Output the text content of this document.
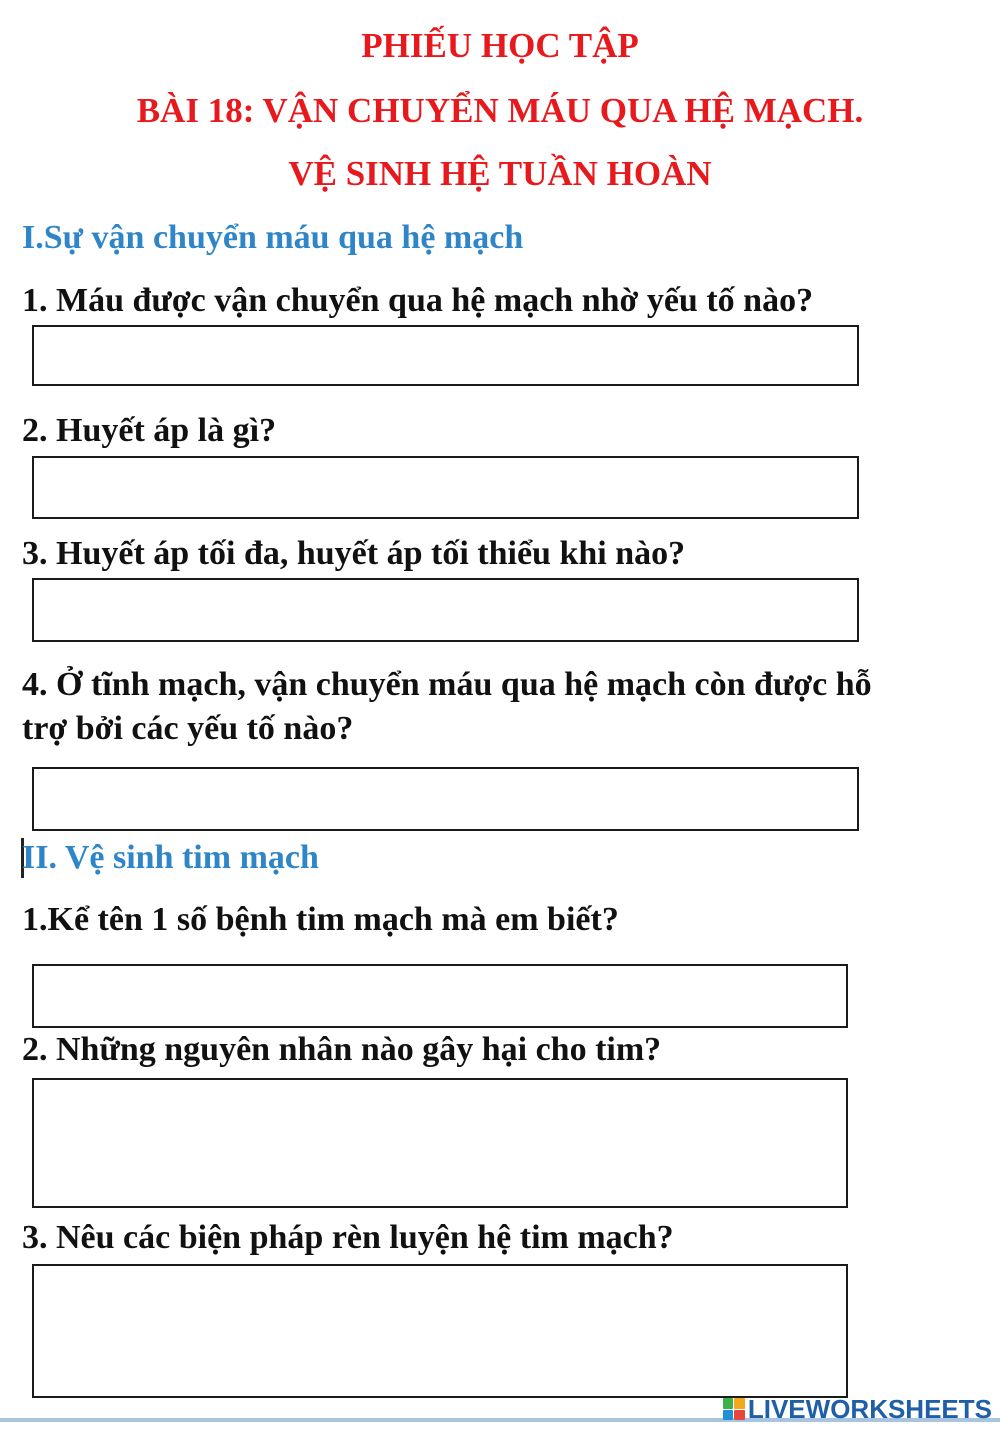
PHIẾU HỌC TẬP
BÀI 18: VẬN CHUYỂN MÁU QUA HỆ MẠCH.
VỆ SINH HỆ TUẦN HOÀN
I.Sự vận chuyển máu qua hệ mạch
1. Máu được vận chuyển qua hệ mạch nhờ yếu tố nào?
2. Huyết áp là gì?
3. Huyết áp tối đa, huyết áp tối thiểu khi nào?
4. Ở tĩnh mạch, vận chuyển máu qua hệ mạch còn được hỗ
trợ bởi các yếu tố nào?
II. Vệ sinh tim mạch
1.Kể tên 1 số bệnh tim mạch mà em biết?
2. Những nguyên nhân nào gây hại cho tim?
3. Nêu các biện pháp rèn luyện hệ tim mạch?
LIVEWORKSHEETS
